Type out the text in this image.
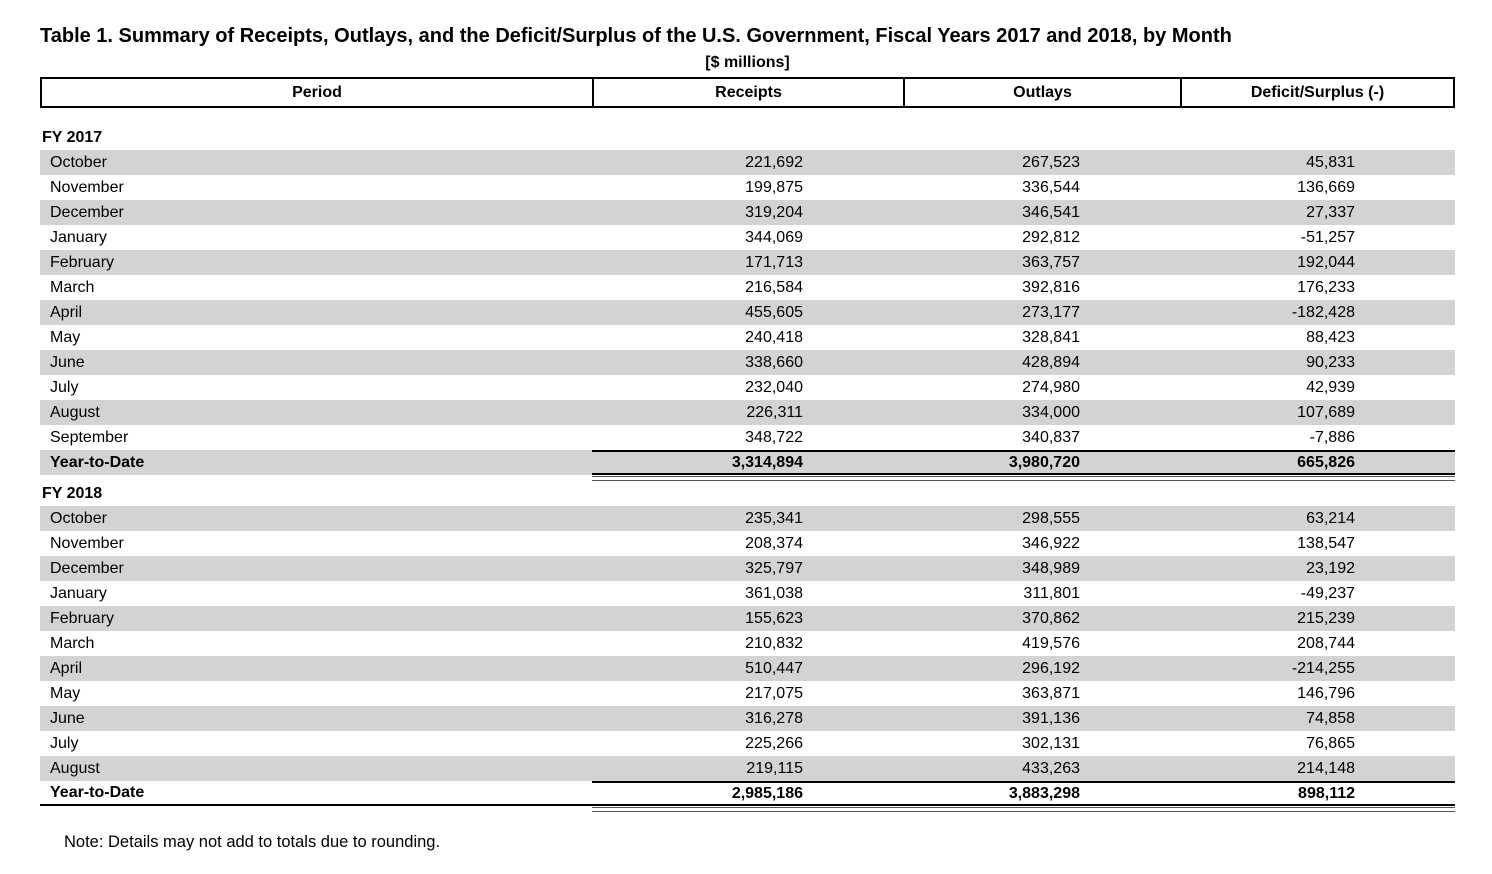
Table 1. Summary of Receipts, Outlays, and the Deficit/Surplus of the U.S. Government, Fiscal Years 2017 and 2018, by Month
[$ millions]
Period	Receipts	Outlays	Deficit/Surplus (-)
FY 2017
October	221,692	267,523	45,831
November	199,875	336,544	136,669
December	319,204	346,541	27,337
January	344,069	292,812	-51,257
February	171,713	363,757	192,044
March	216,584	392,816	176,233
April	455,605	273,177	-182,428
May	240,418	328,841	88,423
June	338,660	428,894	90,233
July	232,040	274,980	42,939
August	226,311	334,000	107,689
September	348,722	340,837	-7,886
Year-to-Date	3,314,894	3,980,720	665,826
FY 2018
October	235,341	298,555	63,214
November	208,374	346,922	138,547
December	325,797	348,989	23,192
January	361,038	311,801	-49,237
February	155,623	370,862	215,239
March	210,832	419,576	208,744
April	510,447	296,192	-214,255
May	217,075	363,871	146,796
June	316,278	391,136	74,858
July	225,266	302,131	76,865
August	219,115	433,263	214,148
Year-to-Date	2,985,186	3,883,298	898,112
Note: Details may not add to totals due to rounding.
